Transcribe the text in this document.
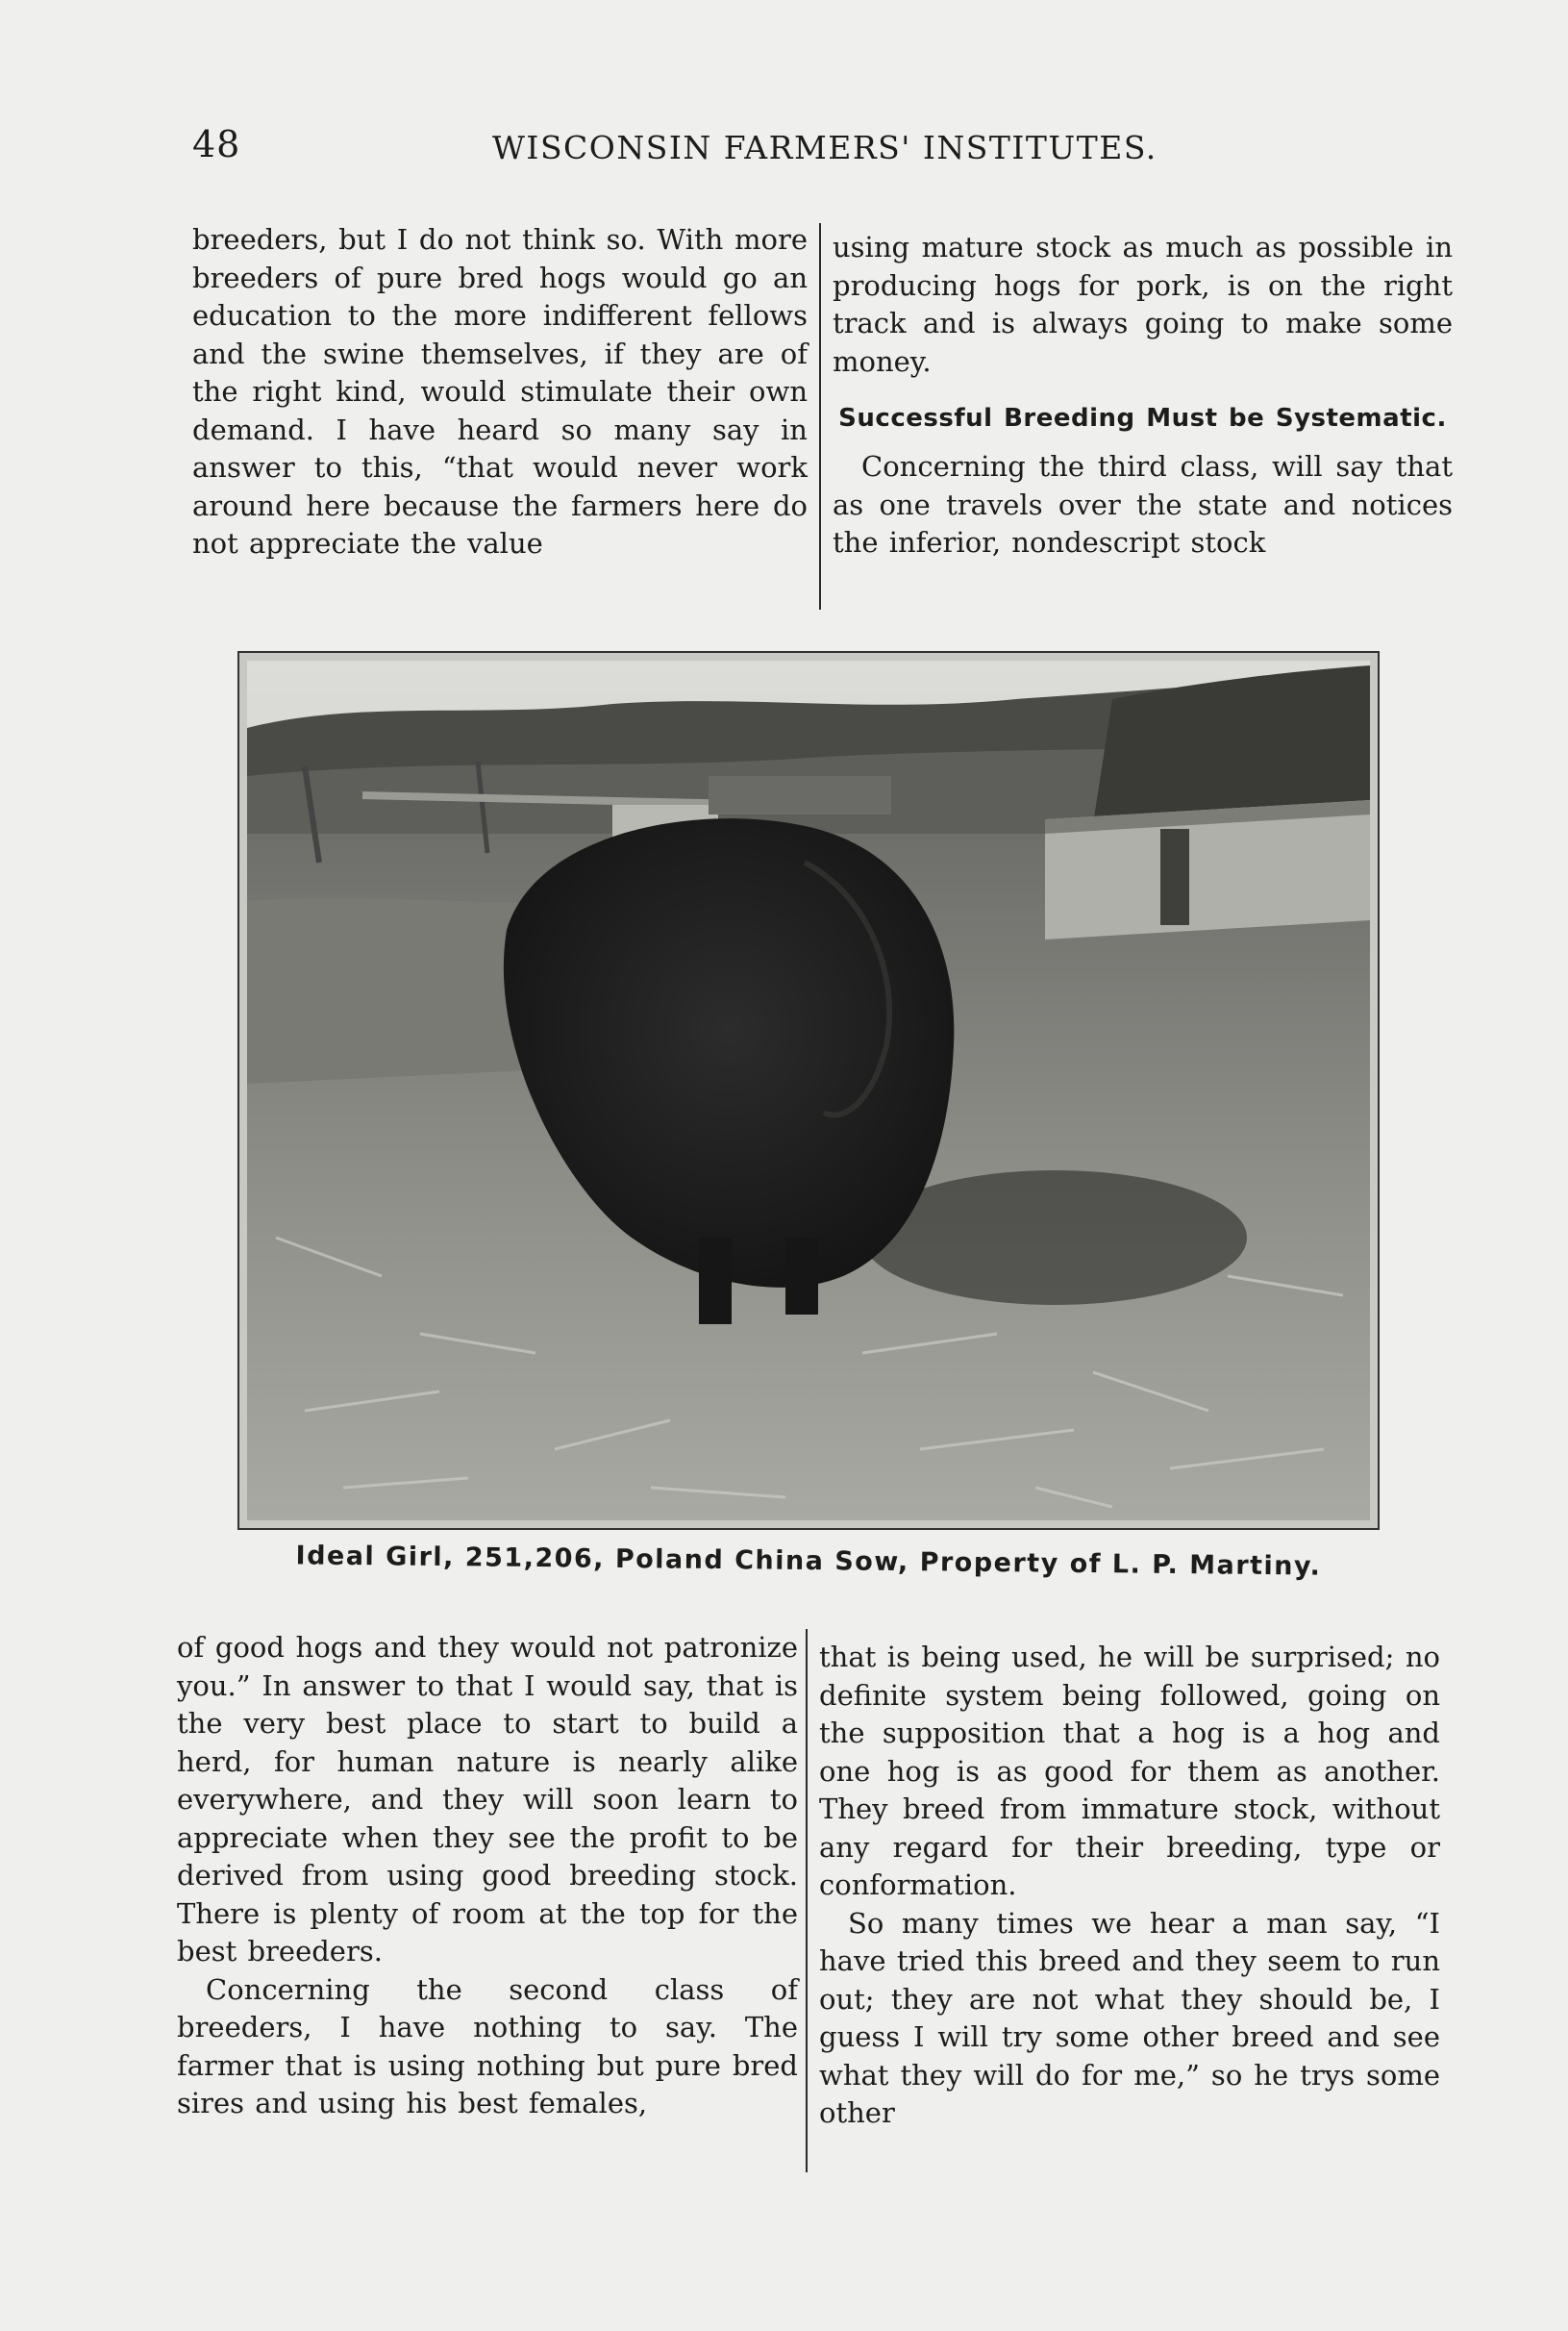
48	WISCONSIN FARMERS' INSTITUTES.

breeders, but I do not think so. With more breeders of pure bred hogs would go an education to the more indifferent fellows and the swine themselves, if they are of the right kind, would stimulate their own demand. I have heard so many say in answer to this, “that would never work around here because the farmers here do not appreciate the value

using mature stock as much as possible in producing hogs for pork, is on the right track and is always going to make some money.

Successful Breeding Must be Systematic.

Concerning the third class, will say that as one travels over the state and notices the inferior, nondescript stock

Ideal Girl, 251,206, Poland China Sow, Property of L. P. Martiny.

of good hogs and they would not patronize you.” In answer to that I would say, that is the very best place to start to build a herd, for human nature is nearly alike everywhere, and they will soon learn to appreciate when they see the profit to be derived from using good breeding stock. There is plenty of room at the top for the best breeders.

Concerning the second class of breeders, I have nothing to say. The farmer that is using nothing but pure bred sires and using his best females,

that is being used, he will be surprised; no definite system being followed, going on the supposition that a hog is a hog and one hog is as good for them as another. They breed from immature stock, without any regard for their breeding, type or conformation.

So many times we hear a man say, “I have tried this breed and they seem to run out; they are not what they should be, I guess I will try some other breed and see what they will do for me,” so he trys some other
